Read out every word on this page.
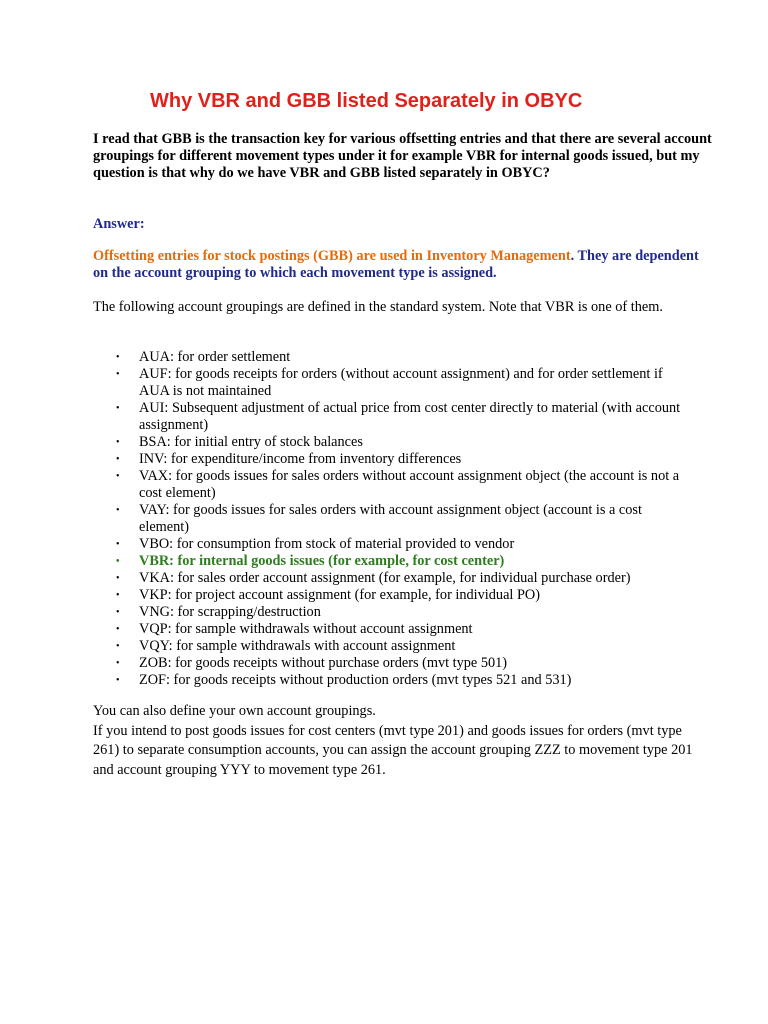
Why VBR and GBB listed Separately in OBYC

I read that GBB is the transaction key for various offsetting entries and that there are several account groupings for different movement types under it for example VBR for internal goods issued, but my question is that why do we have VBR and GBB listed separately in OBYC?

Answer:

Offsetting entries for stock postings (GBB) are used in Inventory Management. They are dependent on the account grouping to which each movement type is assigned.

The following account groupings are defined in the standard system. Note that VBR is one of them.

• AUA: for order settlement
• AUF: for goods receipts for orders (without account assignment) and for order settlement if AUA is not maintained
• AUI: Subsequent adjustment of actual price from cost center directly to material (with account assignment)
• BSA: for initial entry of stock balances
• INV: for expenditure/income from inventory differences
• VAX: for goods issues for sales orders without account assignment object (the account is not a cost element)
• VAY: for goods issues for sales orders with account assignment object (account is a cost element)
• VBO: for consumption from stock of material provided to vendor
• VBR: for internal goods issues (for example, for cost center)
• VKA: for sales order account assignment (for example, for individual purchase order)
• VKP: for project account assignment (for example, for individual PO)
• VNG: for scrapping/destruction
• VQP: for sample withdrawals without account assignment
• VQY: for sample withdrawals with account assignment
• ZOB: for goods receipts without purchase orders (mvt type 501)
• ZOF: for goods receipts without production orders (mvt types 521 and 531)

You can also define your own account groupings.

If you intend to post goods issues for cost centers (mvt type 201) and goods issues for orders (mvt type 261) to separate consumption accounts, you can assign the account grouping ZZZ to movement type 201 and account grouping YYY to movement type 261.
